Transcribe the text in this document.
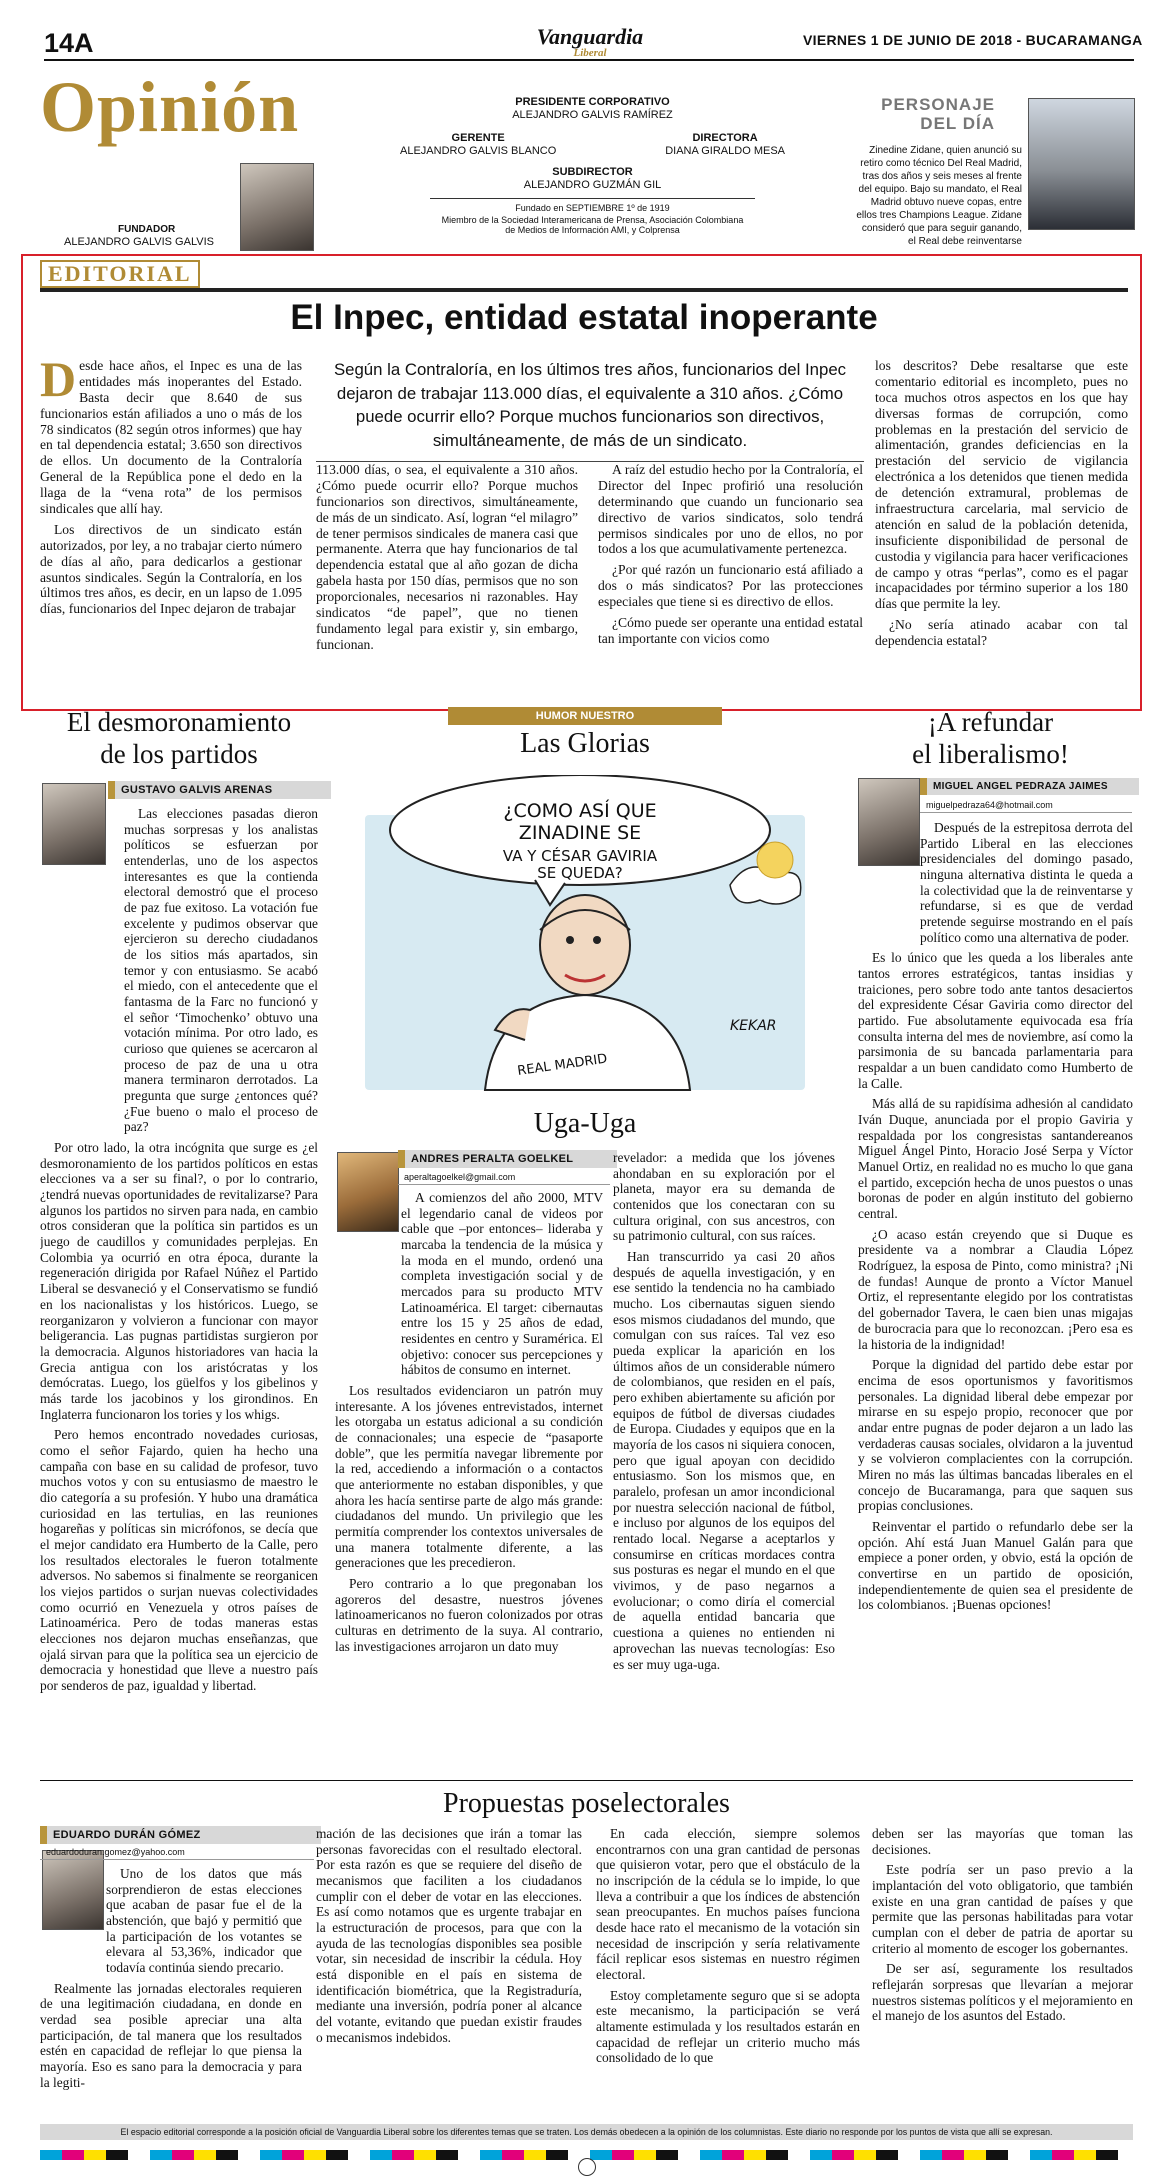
14A	Vanguardia
Liberal
VIERNES 1 DE JUNIO DE 2018 - BUCARAMANGA
Opinión
FUNDADOR
ALEJANDRO GALVIS GALVIS
PRESIDENTE CORPORATIVO
ALEJANDRO GALVIS RAMÍREZ
GERENTE
ALEJANDRO GALVIS BLANCO
DIRECTORA
DIANA GIRALDO MESA
SUBDIRECTOR
ALEJANDRO GUZMÁN GIL
Fundado en SEPTIEMBRE 1º de 1919
Miembro de la Sociedad Interamericana de Prensa, Asociación Colombiana
de Medios de Información AMI, y Colprensa
PERSONAJE
DEL DÍA
Zinedine Zidane, quien anunció su retiro como técnico Del Real Madrid, tras dos años y seis meses al frente del equipo. Bajo su mandato, el Real Madrid obtuvo nueve copas, entre ellos tres Champions League. Zidane consideró que para seguir ganando, el Real debe reinventarse
EDITORIAL
El Inpec, entidad estatal inoperante

Desde hace años, el Inpec es una de las entidades más inoperantes del Estado. Basta decir que 8.640 de sus funcionarios están afiliados a uno o más de los 78 sindicatos (82 según otros informes) que hay en tal dependencia estatal; 3.650 son directivos de ellos. Un documento de la Contraloría General de la República pone el dedo en la llaga de la “vena rota” de los permisos sindicales que allí hay.

Los directivos de un sindicato están autorizados, por ley, a no trabajar cierto número de días al año, para dedicarlos a gestionar asuntos sindicales. Según la Contraloría, en los últimos tres años, es decir, en un lapso de 1.095 días, funcionarios del Inpec dejaron de trabajar

Según la Contraloría, en los últimos tres años, funcionarios del Inpec dejaron de trabajar 113.000 días, el equivalente a 310 años. ¿Cómo puede ocurrir ello? Porque muchos funcionarios son directivos, simultáneamente, de más de un sindicato.

113.000 días, o sea, el equivalente a 310 años. ¿Cómo puede ocurrir ello? Porque muchos funcionarios son directivos, simultáneamente, de más de un sindicato. Así, logran “el milagro” de tener permisos sindicales de manera casi que permanente. Aterra que hay funcionarios de tal dependencia estatal que al año gozan de dicha gabela hasta por 150 días, permisos que no son proporcionales, necesarios ni razonables. Hay sindicatos “de papel”, que no tienen fundamento legal para existir y, sin embargo, funcionan.

A raíz del estudio hecho por la Contraloría, el Director del Inpec profirió una resolución determinando que cuando un funcionario sea directivo de varios sindicatos, solo tendrá permisos sindicales por uno de ellos, no por todos a los que acumulativamente pertenezca.

¿Por qué razón un funcionario está afiliado a dos o más sindicatos? Por las protecciones especiales que tiene si es directivo de ellos.

¿Cómo puede ser operante una entidad estatal tan importante con vicios como

los descritos? Debe resaltarse que este comentario editorial es incompleto, pues no toca muchos otros aspectos en los que hay diversas formas de corrupción, como problemas en la prestación del servicio de alimentación, grandes deficiencias en la prestación del servicio de vigilancia electrónica a los detenidos que tienen medida de detención extramural, problemas de infraestructura carcelaria, mal servicio de atención en salud de la población detenida, insuficiente disponibilidad de personal de custodia y vigilancia para hacer verificaciones de campo y otras “perlas”, como es el pagar incapacidades por término superior a los 180 días que permite la ley.

¿No sería atinado acabar con tal dependencia estatal?

El desmoronamiento
de los partidos
GUSTAVO GALVIS ARENAS

Las elecciones pasadas dieron muchas sorpresas y los analistas políticos se esfuerzan por entenderlas, uno de los aspectos interesantes es que la contienda electoral demostró que el proceso de paz fue exitoso. La votación fue excelente y pudimos observar que ejercieron su derecho ciudadanos de los sitios más apartados, sin temor y con entusiasmo. Se acabó el miedo, con el antecedente que el fantasma de la Farc no funcionó y el señor ‘Timochenko’ obtuvo una votación mínima. Por otro lado, es curioso que quienes se acercaron al proceso de paz de una u otra manera terminaron derrotados. La pregunta que surge ¿entonces qué? ¿Fue bueno o malo el proceso de paz?

Por otro lado, la otra incógnita que surge es ¿el desmoronamiento de los partidos políticos en estas elecciones va a ser su final?, o por lo contrario, ¿tendrá nuevas oportunidades de revitalizarse? Para algunos los partidos no sirven para nada, en cambio otros consideran que la política sin partidos es un juego de caudillos y comunidades perplejas. En Colombia ya ocurrió en otra época, durante la regeneración dirigida por Rafael Núñez el Partido Liberal se desvaneció y el Conservatismo se fundió en los nacionalistas y los históricos. Luego, se reorganizaron y volvieron a funcionar con mayor beligerancia. Las pugnas partidistas surgieron por la democracia. Algunos historiadores van hacia la Grecia antigua con los aristócratas y los demócratas. Luego, los güelfos y los gibelinos y más tarde los jacobinos y los girondinos. En Inglaterra funcionaron los tories y los whigs.

Pero hemos encontrado novedades curiosas, como el señor Fajardo, quien ha hecho una campaña con base en su calidad de profesor, tuvo muchos votos y con su entusiasmo de maestro le dio categoría a su profesión. Y hubo una dramática curiosidad en las tertulias, en las reuniones hogareñas y políticas sin micrófonos, se decía que el mejor candidato era Humberto de la Calle, pero los resultados electorales le fueron totalmente adversos. No sabemos si finalmente se reorganicen los viejos partidos o surjan nuevas colectividades como ocurrió en Venezuela y otros países de Latinoamérica. Pero de todas maneras estas elecciones nos dejaron muchas enseñanzas, que ojalá sirvan para que la política sea un ejercicio de democracia y honestidad que lleve a nuestro país por senderos de paz, igualdad y libertad.

HUMOR NUESTRO
Las Glorias
¿COMO ASÍ QUE
ZINADINE SE
VA Y CÉSAR GAVIRIA
SE QUEDA?
REAL MADRID
KEKAR
Uga-Uga
ANDRES PERALTA GOELKEL
aperaltagoelkel@gmail.com

A comienzos del año 2000, MTV el legendario canal de videos por cable que –por entonces– lideraba y marcaba la tendencia de la música y la moda en el mundo, ordenó una completa investigación social y de mercados para su producto MTV Latinoamérica. El target: cibernautas entre los 15 y 25 años de edad, residentes en centro y Suramérica. El objetivo: conocer sus percepciones y hábitos de consumo en internet.

Los resultados evidenciaron un patrón muy interesante. A los jóvenes entrevistados, internet les otorgaba un estatus adicional a su condición de connacionales; una especie de “pasaporte doble”, que les permitía navegar libremente por la red, accediendo a información o a contactos que anteriormente no estaban disponibles, y que ahora les hacía sentirse parte de algo más grande: ciudadanos del mundo. Un privilegio que les permitía comprender los contextos universales de una manera totalmente diferente, a las generaciones que les precedieron.

Pero contrario a lo que pregonaban los agoreros del desastre, nuestros jóvenes latinoamericanos no fueron colonizados por otras culturas en detrimento de la suya. Al contrario, las investigaciones arrojaron un dato muy

revelador: a medida que los jóvenes ahondaban en su exploración por el planeta, mayor era su demanda de contenidos que los conectaran con su cultura original, con sus ancestros, con su patrimonio cultural, con sus raíces.

Han transcurrido ya casi 20 años después de aquella investigación, y en ese sentido la tendencia no ha cambiado mucho. Los cibernautas siguen siendo esos mismos ciudadanos del mundo, que comulgan con sus raíces. Tal vez eso pueda explicar la aparición en los últimos años de un considerable número de colombianos, que residen en el país, pero exhiben abiertamente su afición por equipos de fútbol de diversas ciudades de Europa. Ciudades y equipos que en la mayoría de los casos ni siquiera conocen, pero que igual apoyan con decidido entusiasmo. Son los mismos que, en paralelo, profesan un amor incondicional por nuestra selección nacional de fútbol, e incluso por algunos de los equipos del rentado local. Negarse a aceptarlos y consumirse en críticas mordaces contra sus posturas es negar el mundo en el que vivimos, y de paso negarnos a evolucionar; o como diría el comercial de aquella entidad bancaria que cuestiona a quienes no entienden ni aprovechan las nuevas tecnologías: Eso es ser muy uga-uga.

¡A refundar
el liberalismo!
MIGUEL ANGEL PEDRAZA JAIMES
miguelpedraza64@hotmail.com

Después de la estrepitosa derrota del Partido Liberal en las elecciones presidenciales del domingo pasado, ninguna alternativa distinta le queda a la colectividad que la de reinventarse y refundarse, si es que de verdad pretende seguirse mostrando en el país político como una alternativa de poder.

Es lo único que les queda a los liberales ante tantos errores estratégicos, tantas insidias y traiciones, pero sobre todo ante tantos desaciertos del expresidente César Gaviria como director del partido. Fue absolutamente equivocada esa fría consulta interna del mes de noviembre, así como la parsimonia de su bancada parlamentaria para respaldar a un buen candidato como Humberto de la Calle.

Más allá de su rapidísima adhesión al candidato Iván Duque, anunciada por el propio Gaviria y respaldada por los congresistas santandereanos Miguel Ángel Pinto, Horacio José Serpa y Víctor Manuel Ortiz, en realidad no es mucho lo que gana el partido, excepción hecha de unos puestos o unas boronas de poder en algún instituto del gobierno central.

¿O acaso están creyendo que si Duque es presidente va a nombrar a Claudia López Rodríguez, la esposa de Pinto, como ministra? ¡Ni de fundas! Aunque de pronto a Víctor Manuel Ortiz, el representante elegido por los contratistas del gobernador Tavera, le caen bien unas migajas de burocracia para que lo reconozcan. ¡Pero esa es la historia de la indignidad!

Porque la dignidad del partido debe estar por encima de esos oportunismos y favoritismos personales. La dignidad liberal debe empezar por mirarse en su espejo propio, reconocer que por andar entre pugnas de poder dejaron a un lado las verdaderas causas sociales, olvidaron a la juventud y se volvieron complacientes con la corrupción. Miren no más las últimas bancadas liberales en el concejo de Bucaramanga, para que saquen sus propias conclusiones.

Reinventar el partido o refundarlo debe ser la opción. Ahí está Juan Manuel Galán para que empiece a poner orden, y obvio, está la opción de convertirse en un partido de oposición, independientemente de quien sea el presidente de los colombianos. ¡Buenas opciones!

Propuestas poselectorales
EDUARDO DURÁN GÓMEZ
eduardoduran.gomez@yahoo.com

Uno de los datos que más sorprendieron de estas elecciones que acaban de pasar fue el de la abstención, que bajó y permitió que la participación de los votantes se elevara al 53,36%, indicador que todavía continúa siendo precario.

Realmente las jornadas electorales requieren de una legitimación ciudadana, en donde en verdad sea posible apreciar una alta participación, de tal manera que los resultados estén en capacidad de reflejar lo que piensa la mayoría. Eso es sano para la democracia y para la legiti-

mación de las decisiones que irán a tomar las personas favorecidas con el resultado electoral. Por esta razón es que se requiere del diseño de mecanismos que faciliten a los ciudadanos cumplir con el deber de votar en las elecciones. Es así como notamos que es urgente trabajar en la estructuración de procesos, para que con la ayuda de las tecnologías disponibles sea posible votar, sin necesidad de inscribir la cédula. Hoy está disponible en el país en sistema de identificación biométrica, que la Registraduría, mediante una inversión, podría poner al alcance del votante, evitando que puedan existir fraudes o mecanismos indebidos.

En cada elección, siempre solemos encontrarnos con una gran cantidad de personas que quisieron votar, pero que el obstáculo de la no inscripción de la cédula se lo impide, lo que lleva a contribuir a que los índices de abstención sean preocupantes. En muchos países funciona desde hace rato el mecanismo de la votación sin necesidad de inscripción y sería relativamente fácil replicar esos sistemas en nuestro régimen electoral.

Estoy completamente seguro que si se adopta este mecanismo, la participación se verá altamente estimulada y los resultados estarán en capacidad de reflejar un criterio mucho más consolidado de lo que

deben ser las mayorías que toman las decisiones.

Este podría ser un paso previo a la implantación del voto obligatorio, que también existe en una gran cantidad de países y que permite que las personas habilitadas para votar cumplan con el deber de patria de aportar su criterio al momento de escoger los gobernantes.

De ser así, seguramente los resultados reflejarán sorpresas que llevarían a mejorar nuestros sistemas políticos y el mejoramiento en el manejo de los asuntos del Estado.

El espacio editorial corresponde a la posición oficial de Vanguardia Liberal sobre los diferentes temas que se traten. Los demás obedecen a la opinión de los columnistas. Este diario no responde por los puntos de vista que allí se expresan.
